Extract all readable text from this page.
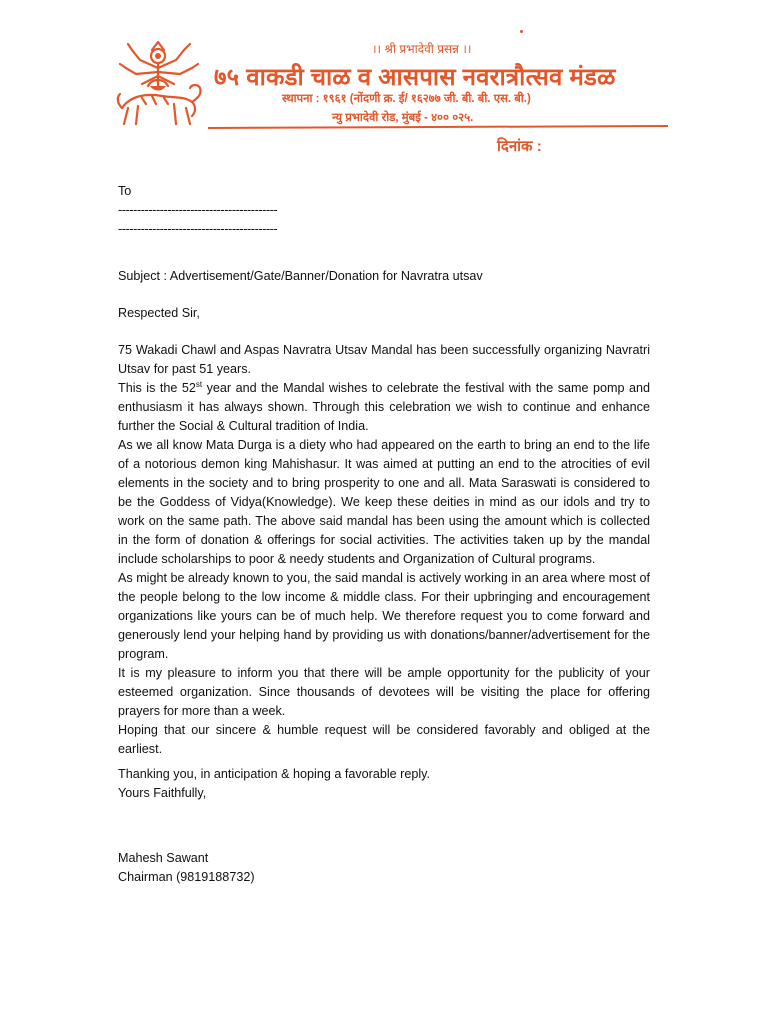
।। श्री प्रभादेवी प्रसन्न ।।
७५ वाकडी चाळ व आसपास नवरात्रौत्सव मंडळ
स्थापना : १९६१ (नोंदणी क्र. ई/ १६२७७ जी. बी. बी. एस. बी.)
न्यु प्रभादेवी रोड, मुंबई - ४०० ०२५.
दिनांक :

To

------------------------------------------

------------------------------------------

Subject : Advertisement/Gate/Banner/Donation for Navratra utsav

Respected Sir,

75 Wakadi Chawl and Aspas Navratra Utsav Mandal has been successfully organizing Navratri Utsav for past 51 years.

This is the 52st year and the Mandal wishes to celebrate the festival with the same pomp and enthusiasm it has always shown. Through this celebration we wish to continue and enhance further the Social & Cultural tradition of India.

As we all know Mata Durga is a diety who had appeared on the earth to bring an end to the life of a notorious demon king Mahishasur. It was aimed at putting an end to the atrocities of evil elements in the society and to bring prosperity to one and all. Mata Saraswati is considered to be the Goddess of Vidya(Knowledge). We keep these deities in mind as our idols and try to work on the same path. The above said mandal has been using the amount which is collected in the form of donation & offerings for social activities. The activities taken up by the mandal include scholarships to poor & needy students and Organization of Cultural programs.

As might be already known to you, the said mandal is actively working in an area where most of the people belong to the low income & middle class. For their upbringing and encouragement organizations like yours can be of much help. We therefore request you to come forward and generously lend your helping hand by providing us with donations/banner/advertisement for the program.

It is my pleasure to inform you that there will be ample opportunity for the publicity of your esteemed organization. Since thousands of devotees will be visiting the place for offering prayers for more than a week.

Hoping that our sincere & humble request will be considered favorably and obliged at the earliest.

Thanking you, in anticipation & hoping a favorable reply.

Yours Faithfully,

Mahesh Sawant

Chairman (9819188732)
